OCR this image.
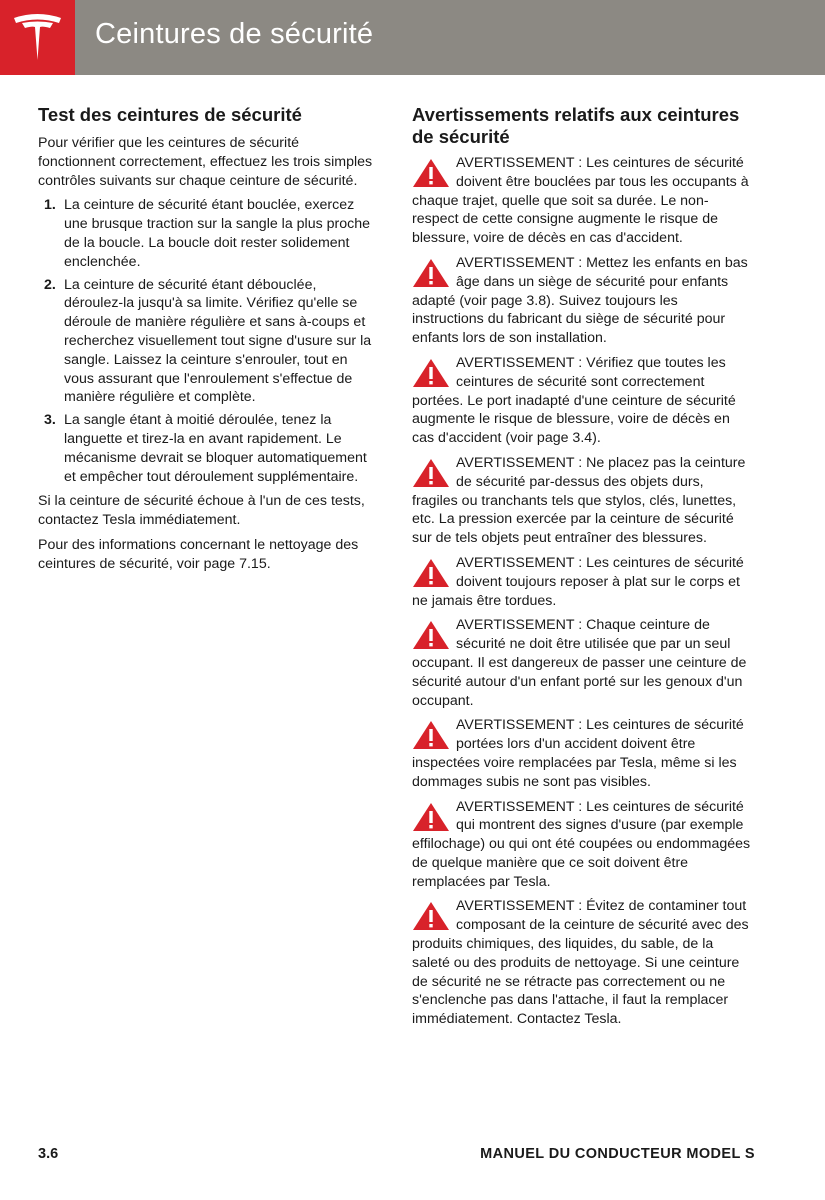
Ceintures de sécurité
Test des ceintures de sécurité

Pour vérifier que les ceintures de sécurité fonctionnent correctement, effectuez les trois simples contrôles suivants sur chaque ceinture de sécurité.

1. La ceinture de sécurité étant bouclée, exercez une brusque traction sur la sangle la plus proche de la boucle. La boucle doit rester solidement enclenchée.
2. La ceinture de sécurité étant débouclée, déroulez-la jusqu'à sa limite. Vérifiez qu'elle se déroule de manière régulière et sans à-coups et recherchez visuellement tout signe d'usure sur la sangle. Laissez la ceinture s'enrouler, tout en vous assurant que l'enroulement s'effectue de manière régulière et complète.
3. La sangle étant à moitié déroulée, tenez la languette et tirez-la en avant rapidement. Le mécanisme devrait se bloquer automatiquement et empêcher tout déroulement supplémentaire.

Si la ceinture de sécurité échoue à l'un de ces tests, contactez Tesla immédiatement.

Pour des informations concernant le nettoyage des ceintures de sécurité, voir page 7.15.

Avertissements relatifs aux ceintures de sécurité
AVERTISSEMENT : Les ceintures de sécurité doivent être bouclées par tous les occupants à chaque trajet, quelle que soit sa durée. Le non-respect de cette consigne augmente le risque de blessure, voire de décès en cas d'accident.
AVERTISSEMENT : Mettez les enfants en bas âge dans un siège de sécurité pour enfants adapté (voir page 3.8). Suivez toujours les instructions du fabricant du siège de sécurité pour enfants lors de son installation.
AVERTISSEMENT : Vérifiez que toutes les ceintures de sécurité sont correctement portées. Le port inadapté d'une ceinture de sécurité augmente le risque de blessure, voire de décès en cas d'accident (voir page 3.4).
AVERTISSEMENT : Ne placez pas la ceinture de sécurité par-dessus des objets durs, fragiles ou tranchants tels que stylos, clés, lunettes, etc. La pression exercée par la ceinture de sécurité sur de tels objets peut entraîner des blessures.
AVERTISSEMENT : Les ceintures de sécurité doivent toujours reposer à plat sur le corps et ne jamais être tordues.
AVERTISSEMENT : Chaque ceinture de sécurité ne doit être utilisée que par un seul occupant. Il est dangereux de passer une ceinture de sécurité autour d'un enfant porté sur les genoux d'un occupant.
AVERTISSEMENT : Les ceintures de sécurité portées lors d'un accident doivent être inspectées voire remplacées par Tesla, même si les dommages subis ne sont pas visibles.
AVERTISSEMENT : Les ceintures de sécurité qui montrent des signes d'usure (par exemple effilochage) ou qui ont été coupées ou endommagées de quelque manière que ce soit doivent être remplacées par Tesla.
AVERTISSEMENT : Évitez de contaminer tout composant de la ceinture de sécurité avec des produits chimiques, des liquides, du sable, de la saleté ou des produits de nettoyage. Si une ceinture de sécurité ne se rétracte pas correctement ou ne s'enclenche pas dans l'attache, il faut la remplacer immédiatement. Contactez Tesla.
3.6	MANUEL DU CONDUCTEUR MODEL S
